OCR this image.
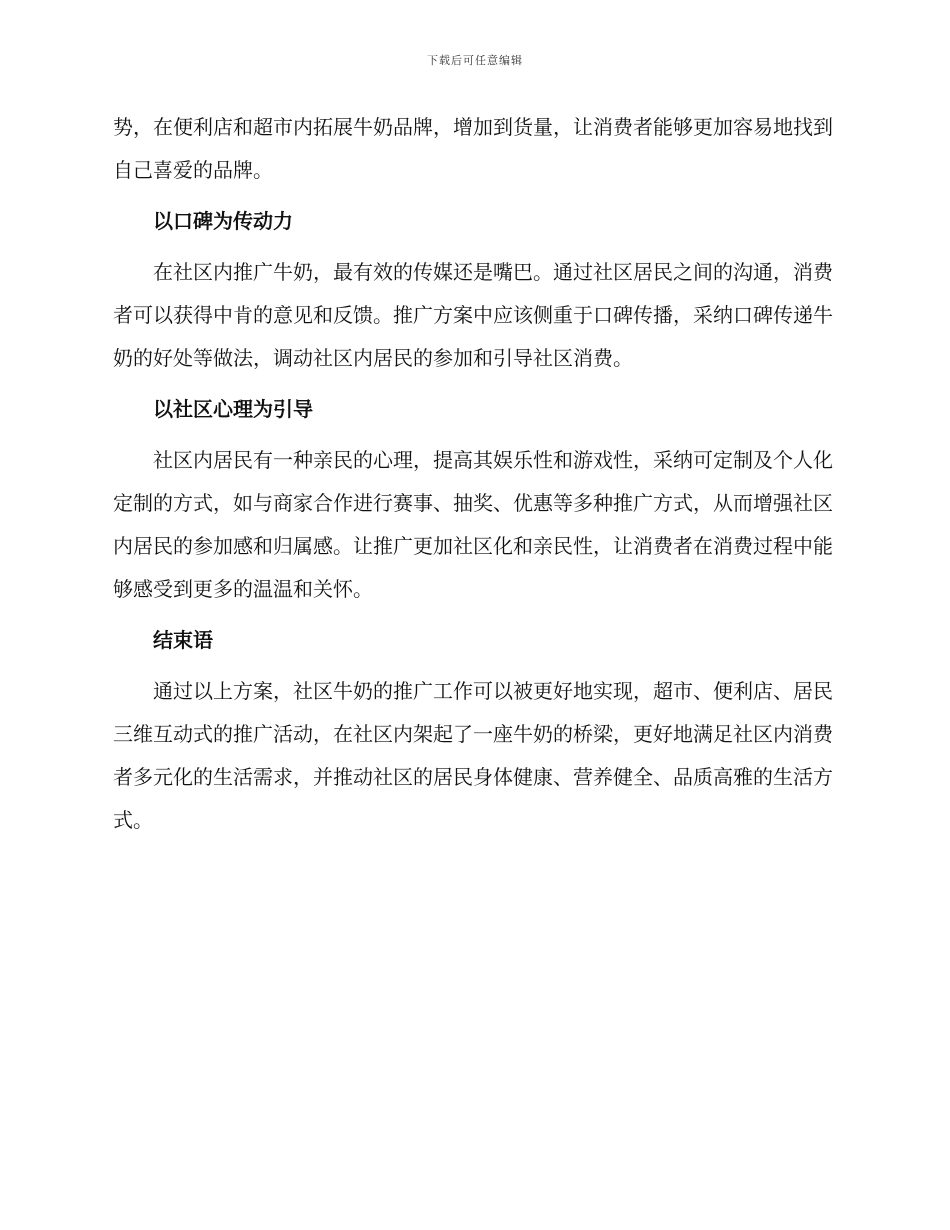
下载后可任意编辑

势，在便利店和超市内拓展牛奶品牌，增加到货量，让消费者能够更加容易地找到自己喜爱的品牌。

以口碑为传动力

在社区内推广牛奶，最有效的传媒还是嘴巴。通过社区居民之间的沟通，消费者可以获得中肯的意见和反馈。推广方案中应该侧重于口碑传播，采纳口碑传递牛奶的好处等做法，调动社区内居民的参加和引导社区消费。

以社区心理为引导

社区内居民有一种亲民的心理，提高其娱乐性和游戏性，采纳可定制及个人化定制的方式，如与商家合作进行赛事、抽奖、优惠等多种推广方式，从而增强社区内居民的参加感和归属感。让推广更加社区化和亲民性，让消费者在消费过程中能够感受到更多的温温和关怀。

结束语

通过以上方案，社区牛奶的推广工作可以被更好地实现，超市、便利店、居民三维互动式的推广活动，在社区内架起了一座牛奶的桥梁，更好地满足社区内消费者多元化的生活需求，并推动社区的居民身体健康、营养健全、品质高雅的生活方式。
